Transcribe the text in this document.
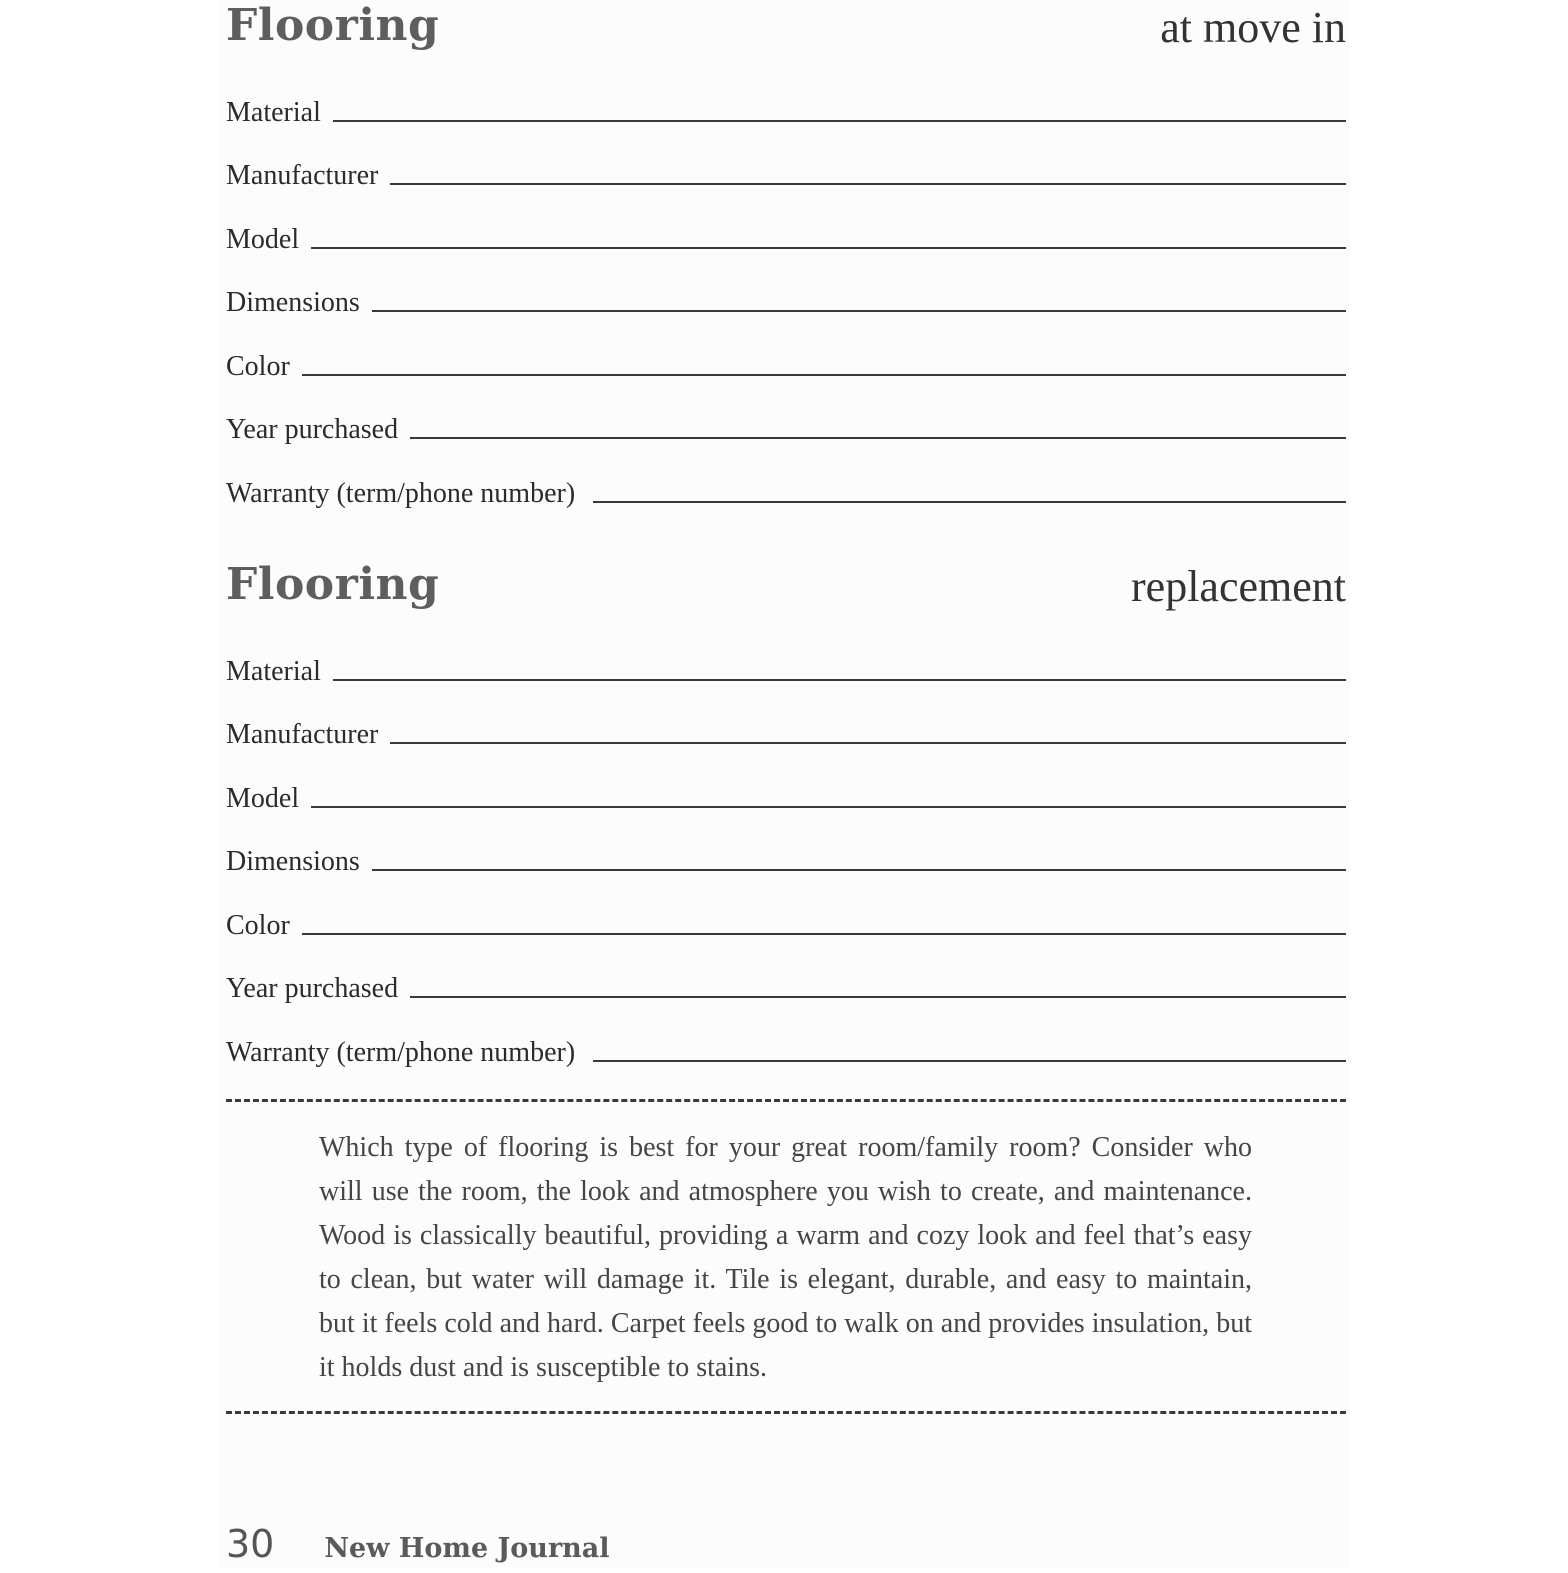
Flooring	at move in
Material
Manufacturer
Model
Dimensions
Color
Year purchased
Warranty (term/phone number)
Flooring	replacement
Material
Manufacturer
Model
Dimensions
Color
Year purchased
Warranty (term/phone number)
Which type of flooring is best for your great room/family room? Consider who will use the room, the look and atmosphere you wish to create, and maintenance. Wood is classically beautiful, providing a warm and cozy look and feel that’s easy to clean, but water will damage it. Tile is elegant, durable, and easy to maintain, but it feels cold and hard. Carpet feels good to walk on and provides insulation, but it holds dust and is susceptible to stains.
30 New Home Journal
